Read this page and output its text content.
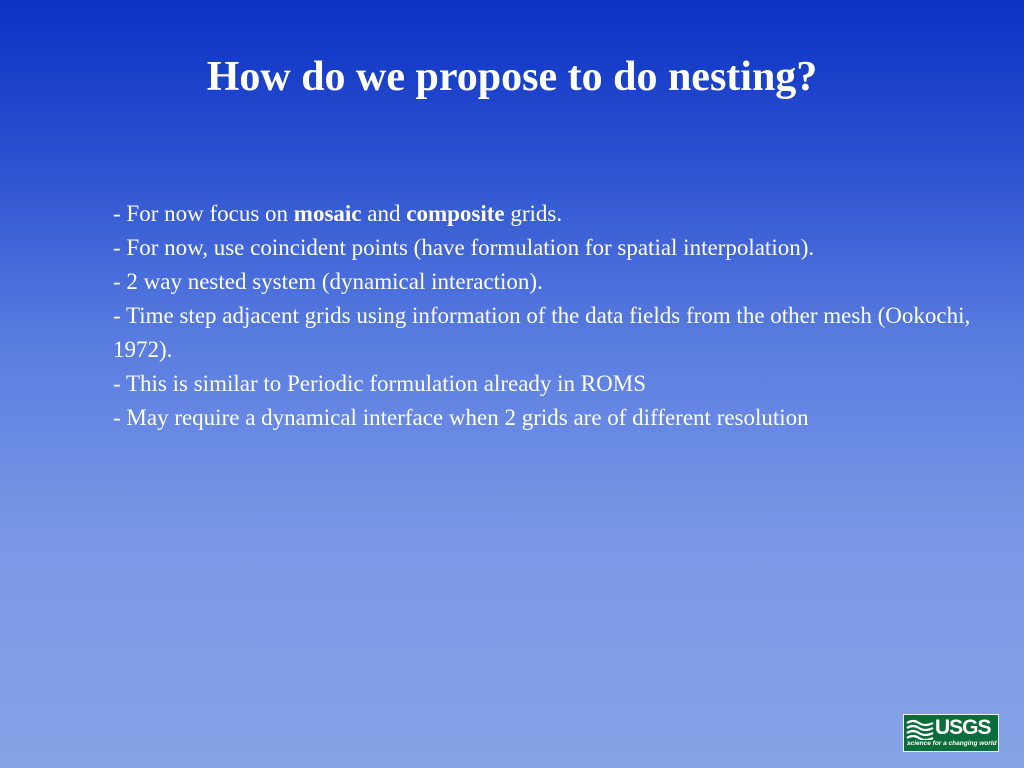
How do we propose to do nesting?
- For now focus on mosaic and composite grids.
- For now, use coincident points (have formulation for spatial interpolation).
- 2 way nested system (dynamical interaction).
- Time step adjacent grids using information of the data fields from the other mesh (Ookochi, 1972).
- This is similar to Periodic formulation already in ROMS
- May require a dynamical interface when 2 grids are of different resolution
USGS
science for a changing world
